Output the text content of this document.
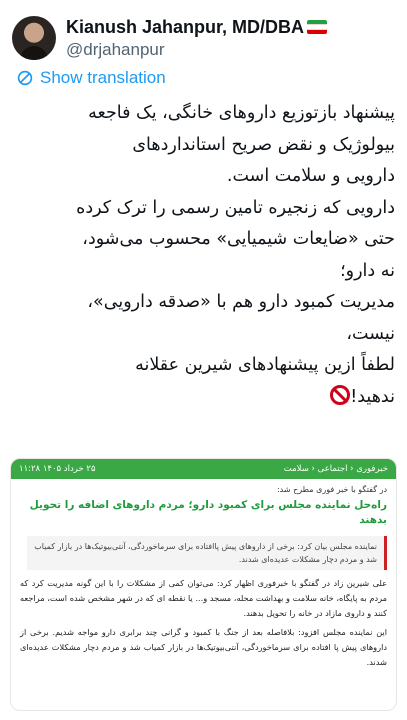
Kianush Jahanpur, MD/DBA
@drjahanpur
Show translation
پیشنهاد بازتوزیع داروهای خانگی، یک فاجعه
بیولوژیک و نقض صریح استانداردهای
دارویی و سلامت است.
دارویی که زنجیره تامین رسمی را ترک کرده
حتی «ضایعات شیمیایی» محسوب می‌شود،
نه دارو؛
مدیریت کمبود دارو هم با «صدقه دارویی»،
نیست،
لطفاً ازین پیشنهادهای شیرین عقلانه
ندهید!
خبرفوری ‹ اجتماعی ‹ سلامت
۲۵ خرداد ۱۴۰۵ ۱۱:۲۸
در گفتگو با خبر فوری مطرح شد:
راه‌حل نماینده مجلس برای کمبود دارو؛ مردم داروهای اضافه را تحویل بدهند
نماینده مجلس بیان کرد: برخی از داروهای پیش پاافتاده برای سرماخوردگی، آنتی‌بیوتیک‌ها در بازار کمیاب شد و مردم دچار مشکلات عدیده‌ای شدند.
علی شیرین زاد در گفتگو با خبرفوری اظهار کرد: می‌توان کمی از مشکلات را با این گونه مدیریت کرد که مردم به پایگاه، خانه سلامت و بهداشت محله، مسجد و... یا نقطه ای که در شهر مشخص شده است، مراجعه کنند و داروی مازاد در خانه را تحویل بدهند.
این نماینده مجلس افزود: بلافاصله بعد از جنگ با کمبود و گرانی چند برابری دارو مواجه شدیم. برخی از داروهای پیش پا افتاده برای سرماخوردگی، آنتی‌بیوتیک‌ها در بازار کمیاب شد و مردم دچار مشکلات عدیده‌ای شدند.
